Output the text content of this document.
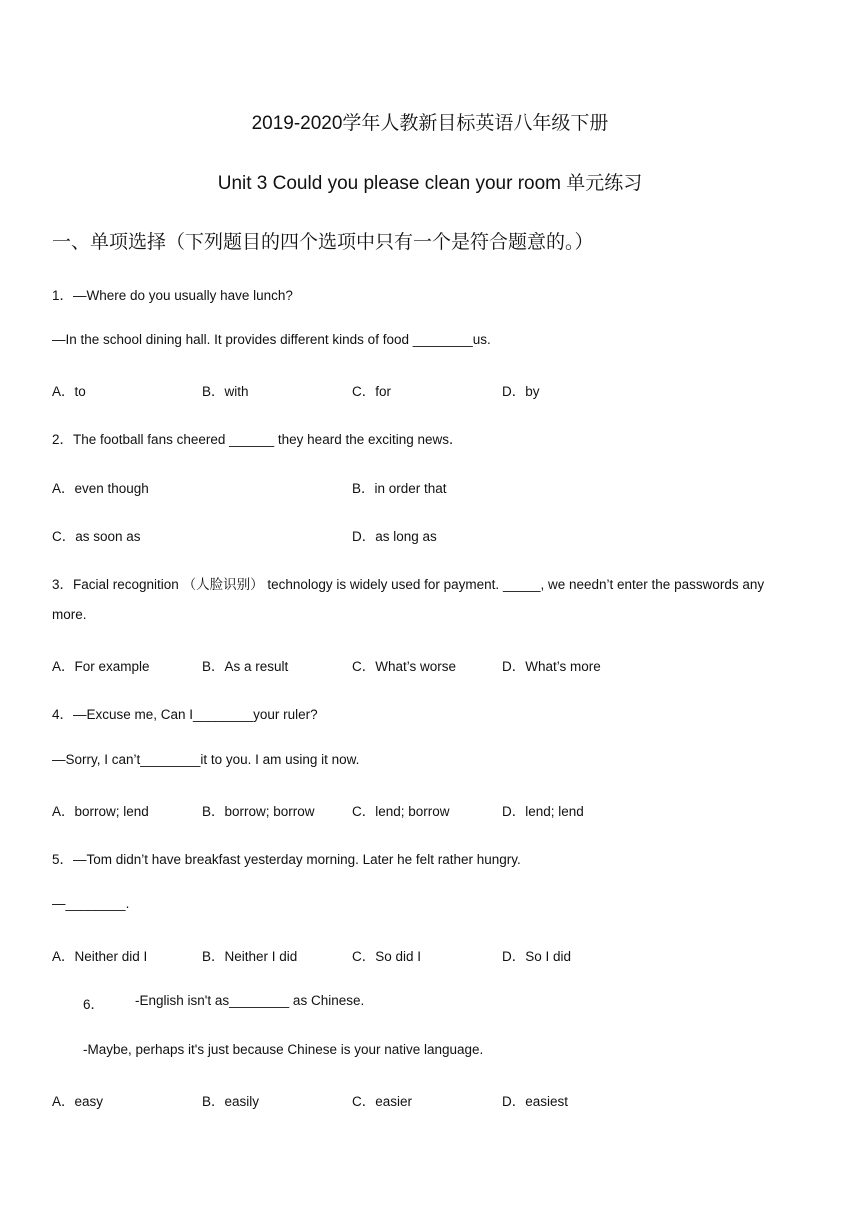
2019-2020学年人教新目标英语八年级下册
Unit 3 Could you please clean your room 单元练习
一、单项选择（下列题目的四个选项中只有一个是符合题意的。）
1．—Where do you usually have lunch?
—In the school dining hall. It provides different kinds of food ________us.
A．to	B．with	C．for	D．by
2．The football fans cheered ______ they heard the exciting news．
A．even though	B．in order that
C．as soon as	D．as long as
3．Facial recognition （人脸识别） technology is widely used for payment. _____, we needn’t enter the passwords any
more.
A．For example	B．As a result	C．What’s worse	D．What’s more
4．—Excuse me, Can I________your ruler?
—Sorry, I can’t________it to you. I am using it now.
A．borrow; lend	B．borrow; borrow	C．lend; borrow	D．lend; lend
5．—Tom didn’t have breakfast yesterday morning. Later he felt rather hungry.
—________.
A．Neither did I	B．Neither I did	C．So did I	D．So I did
6． -English isn't as________ as Chinese.
-Maybe, perhaps it's just because Chinese is your native language.
A．easy	B．easily	C．easier	D．easiest
